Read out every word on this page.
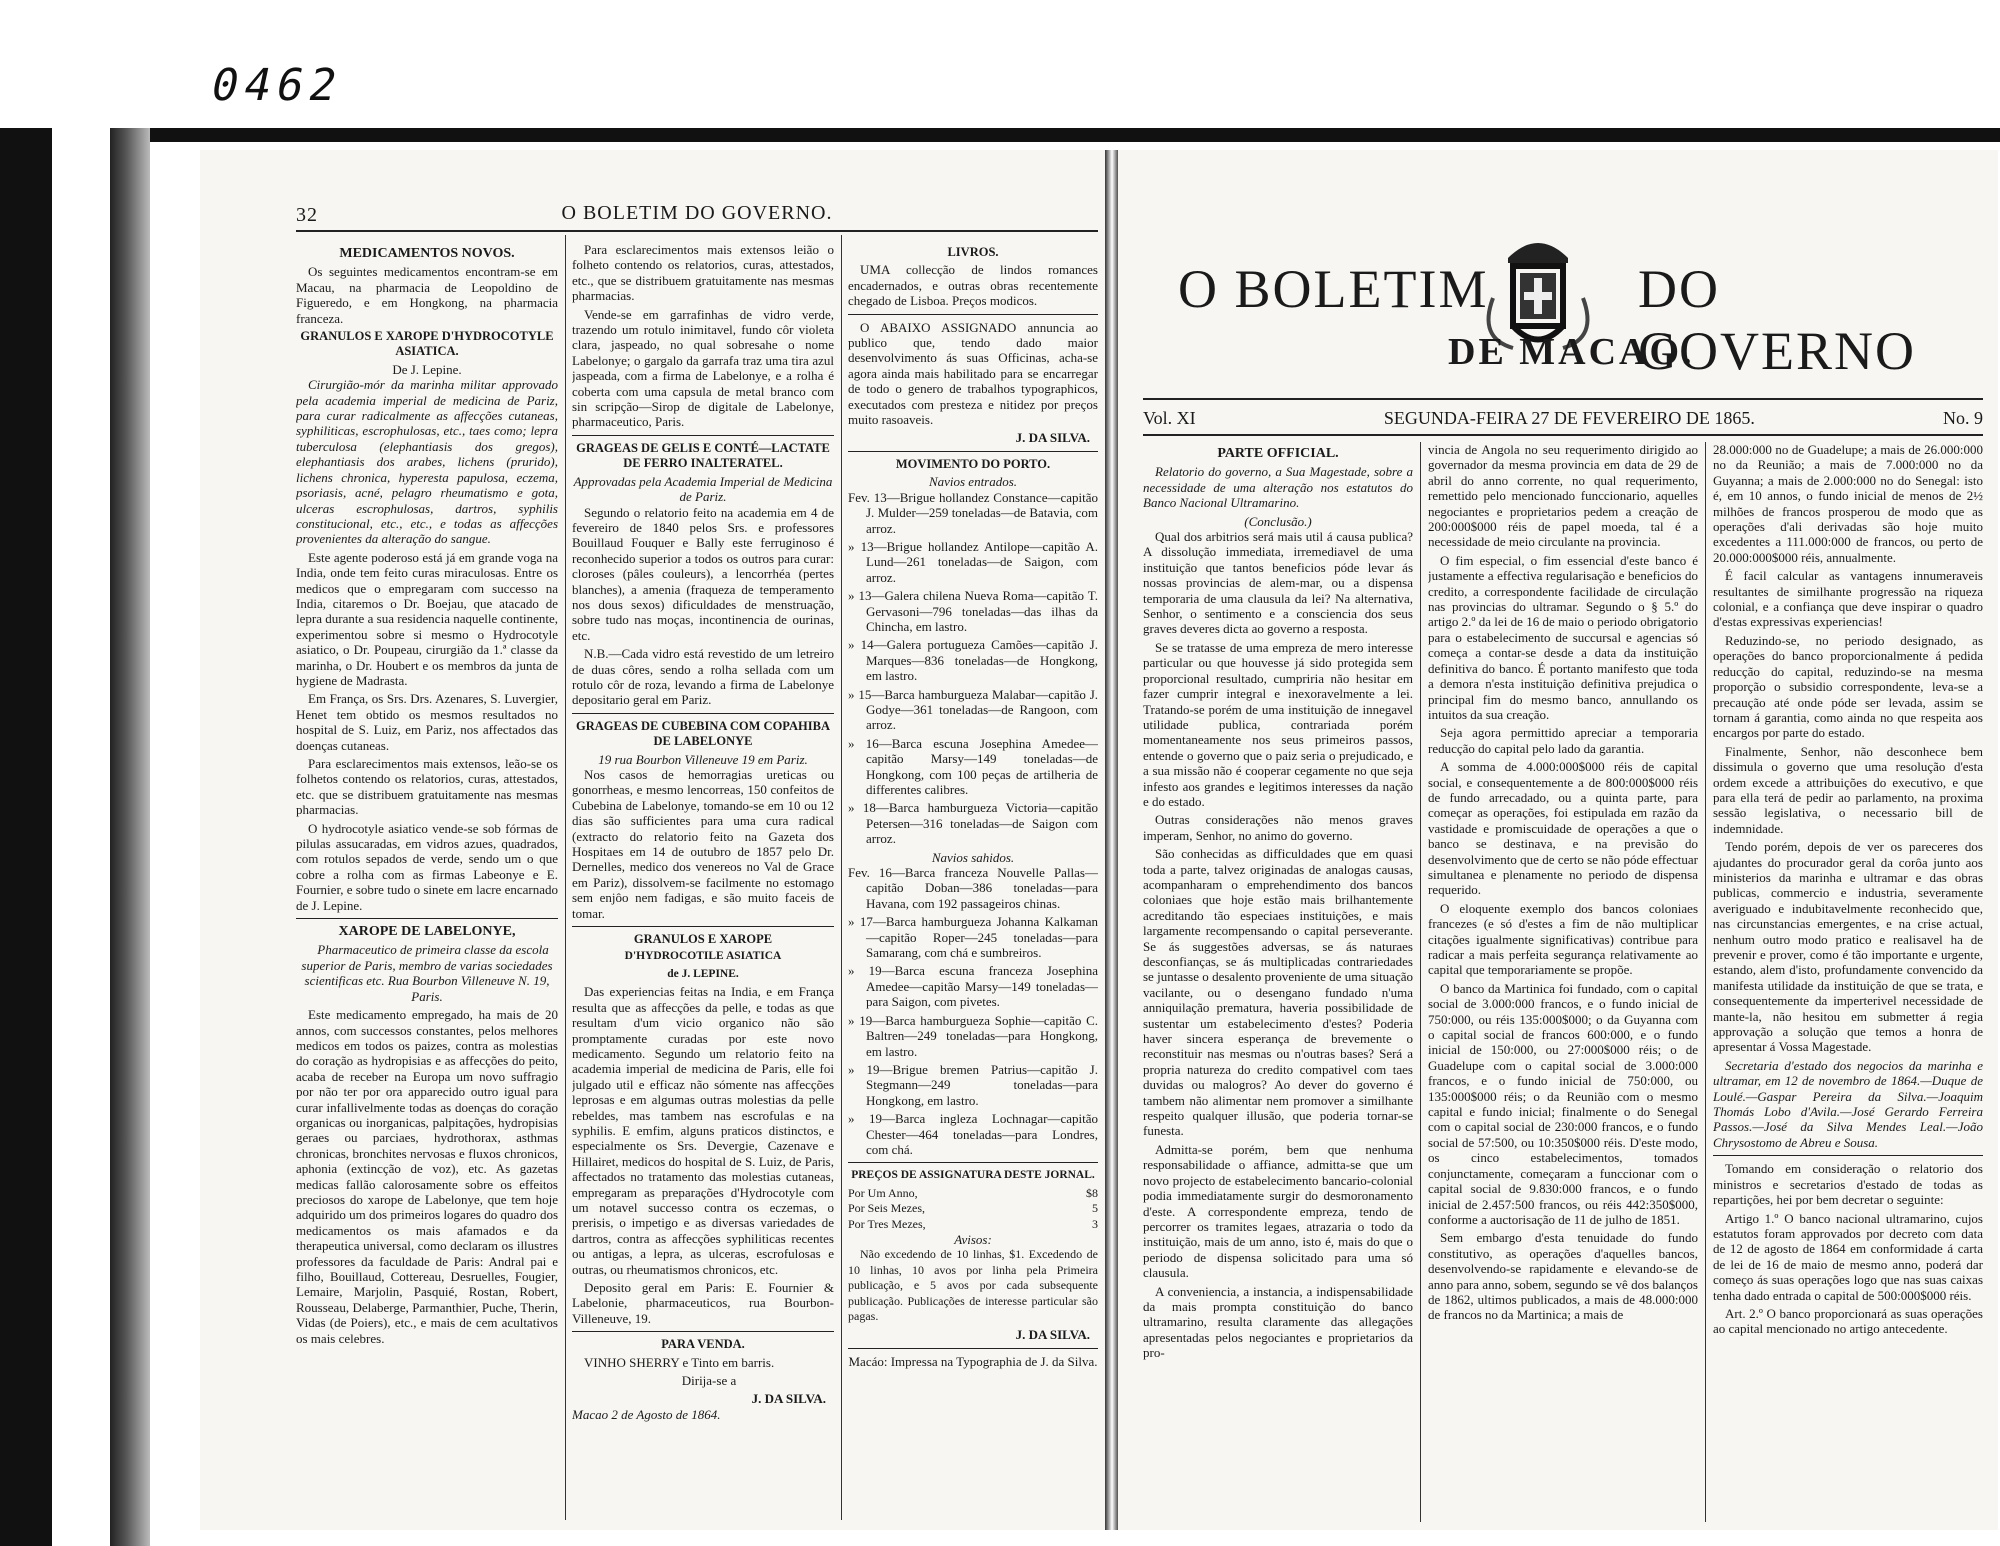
0462
32	O BOLETIM DO GOVERNO.
MEDICAMENTOS NOVOS.

Os seguintes medicamentos encontram-se em Macau, na pharmacia de Leopoldino de Figueredo, e em Hongkong, na pharmacia franceza.

GRANULOS E XAROPE D'HYDROCOTYLE ASIATICA.
De J. Lepine.

Cirurgião-mór da marinha militar approvado pela academia imperial de medicina de Pariz, para curar radicalmente as affecções cutaneas, syphiliticas, escrophulosas, etc., taes como; lepra tuberculosa (elephantiasis dos gregos), elephantiasis dos arabes, lichens (prurido), lichens chronica, hyperesta papulosa, eczema, psoriasis, acné, pelagro rheumatismo e gota, ulceras escrophulosas, dartros, syphilis constitucional, etc., etc., e todas as affecções provenientes da alteração do sangue.

Este agente poderoso está já em grande voga na India, onde tem feito curas miraculosas. Entre os medicos que o empregaram com successo na India, citaremos o Dr. Boejau, que atacado de lepra durante a sua residencia naquelle continente, experimentou sobre si mesmo o Hydrocotyle asiatico, o Dr. Poupeau, cirurgião da 1.ª classe da marinha, o Dr. Houbert e os membros da junta de hygiene de Madrasta.

Em França, os Srs. Drs. Azenares, S. Luvergier, Henet tem obtido os mesmos resultados no hospital de S. Luiz, em Pariz, nos affectados das doenças cutaneas.

Para esclarecimentos mais extensos, leão-se os folhetos contendo os relatorios, curas, attestados, etc. que se distribuem gratuitamente nas mesmas pharmacias.

O hydrocotyle asiatico vende-se sob fórmas de pilulas assucaradas, em vidros azues, quadrados, com rotulos sepados de verde, sendo um o que cobre a rolha com as firmas Labeonye e E. Fournier, e sobre tudo o sinete em lacre encarnado de J. Lepine.

XAROPE DE LABELONYE,

Pharmaceutico de primeira classe da escola superior de Paris, membro de varias sociedades scientificas etc. Rua Bourbon Villeneuve N. 19, Paris.

Este medicamento empregado, ha mais de 20 annos, com successos constantes, pelos melhores medicos em todos os paizes, contra as molestias do coração as hydropisias e as affecções do peito, acaba de receber na Europa um novo suffragio por não ter por ora apparecido outro igual para curar infallivelmente todas as doenças do coração organicas ou inorganicas, palpitações, hydropisias geraes ou parciaes, hydrothorax, asthmas chronicas, bronchites nervosas e fluxos chronicos, aphonia (extincção de voz), etc. As gazetas medicas fallão calorosamente sobre os effeitos preciosos do xarope de Labelonye, que tem hoje adquirido um dos primeiros logares do quadro dos medicamentos os mais afamados e da therapeutica universal, como declaram os illustres professores da faculdade de Paris: Andral pai e filho, Bouillaud, Cottereau, Desruelles, Fougier, Lemaire, Marjolin, Pasquié, Rostan, Robert, Rousseau, Delaberge, Parmanthier, Puche, Therin, Vidas (de Poiers), etc., e mais de cem acultativos os mais celebres.

Para esclarecimentos mais extensos leião o folheto contendo os relatorios, curas, attestados, etc., que se distribuem gratuitamente nas mesmas pharmacias.

Vende-se em garrafinhas de vidro verde, trazendo um rotulo inimitavel, fundo côr violeta clara, jaspeado, no qual sobresahe o nome Labelonye; o gargalo da garrafa traz uma tira azul jaspeada, com a firma de Labelonye, e a rolha é coberta com uma capsula de metal branco com sin scripção—Sirop de digitale de Labelonye, pharmaceutico, Paris.

GRAGEAS DE GELIS E CONTÉ—LACTATE DE FERRO INALTERATEL.
Approvadas pela Academia Imperial de Medicina de Pariz.

Segundo o relatorio feito na academia em 4 de fevereiro de 1840 pelos Srs. e professores Bouillaud Fouquer e Bally este ferruginoso é reconhecido superior a todos os outros para curar: cloroses (pâles couleurs), a lencorrhéa (pertes blanches), a amenia (fraqueza de temperamento nos dous sexos) dificuldades de menstruação, sobre tudo nas moças, incontinencia de ourinas, etc.

N.B.—Cada vidro está revestido de um letreiro de duas côres, sendo a rolha sellada com um rotulo côr de roza, levando a firma de Labelonye depositario geral em Pariz.

GRAGEAS DE CUBEBINA COM COPAHIBA DE LABELONYE
19 rua Bourbon Villeneuve 19 em Pariz.

Nos casos de hemorragias ureticas ou gonorrheas, e mesmo lencorreas, 150 confeitos de Cubebina de Labelonye, tomando-se em 10 ou 12 dias são sufficientes para uma cura radical (extracto do relatorio feito na Gazeta dos Hospitaes em 14 de outubro de 1857 pelo Dr. Dernelles, medico dos venereos no Val de Grace em Pariz), dissolvem-se facilmente no estomago sem enjôo nem fadigas, e são muito faceis de tomar.

GRANULOS E XAROPE
D'HYDROCOTILE ASIATICA
de J. LEPINE.

Das experiencias feitas na India, e em França resulta que as affecções da pelle, e todas as que resultam d'um vicio organico não são promptamente curadas por este novo medicamento. Segundo um relatorio feito na academia imperial de medicina de Paris, elle foi julgado util e efficaz não sómente nas affecções leprosas e em algumas outras molestias da pelle rebeldes, mas tambem nas escrofulas e na syphilis. E emfim, alguns praticos distinctos, e especialmente os Srs. Devergie, Cazenave e Hillairet, medicos do hospital de S. Luiz, de Paris, affectados no tratamento das molestias cutaneas, empregaram as preparações d'Hydrocotyle com um notavel successo contra os eczemas, o prerisis, o impetigo e as diversas variedades de dartros, contra as affecções syphiliticas recentes ou antigas, a lepra, as ulceras, escrofulosas e outras, ou rheumatismos chronicos, etc.

Deposito geral em Paris: E. Fournier & Labelonie, pharmaceuticos, rua Bourbon-Villeneuve, 19.

PARA VENDA.

VINHO SHERRY e Tinto em barris.

Dirija-se a

J. DA SILVA.
Macao 2 de Agosto de 1864.
LIVROS.

UMA collecção de lindos romances encadernados, e outras obras recentemente chegado de Lisboa. Preços modicos.

O ABAIXO ASSIGNADO annuncia ao publico que, tendo dado maior desenvolvimento ás suas Officinas, acha-se agora ainda mais habilitado para se encarregar de todo o genero de trabalhos typographicos, executados com presteza e nitidez por preços muito rasoaveis.

J. DA SILVA.
MOVIMENTO DO PORTO.
Navios entrados.
Fev. 13—Brigue hollandez Constance—capitão J. Mulder—259 toneladas—de Batavia, com arroz.
» 13—Brigue hollandez Antilope—capitão A. Lund—261 toneladas—de Saigon, com arroz.
» 13—Galera chilena Nueva Roma—capitão T. Gervasoni—796 toneladas—das ilhas da Chincha, em lastro.
» 14—Galera portugueza Camões—capitão J. Marques—836 toneladas—de Hongkong, em lastro.
» 15—Barca hamburgueza Malabar—capitão J. Godye—361 toneladas—de Rangoon, com arroz.
» 16—Barca escuna Josephina Amedee—capitão Marsy—149 toneladas—de Hongkong, com 100 peças de artilheria de differentes calibres.
» 18—Barca hamburgueza Victoria—capitão Petersen—316 toneladas—de Saigon com arroz.
Navios sahidos.
Fev. 16—Barca franceza Nouvelle Pallas—capitão Doban—386 toneladas—para Havana, com 192 passageiros chinas.
» 17—Barca hamburgueza Johanna Kalkaman—capitão Roper—245 toneladas—para Samarang, com chá e sumbreiros.
» 19—Barca escuna franceza Josephina Amedee—capitão Marsy—149 toneladas—para Saigon, com pivetes.
» 19—Barca hamburgueza Sophie—capitão C. Baltren—249 toneladas—para Hongkong, em lastro.
» 19—Brigue bremen Patrius—capitão J. Stegmann—249 toneladas—para Hongkong, em lastro.
» 19—Barca ingleza Lochnagar—capitão Chester—464 toneladas—para Londres, com chá.
PREÇOS DE ASSIGNATURA DESTE JORNAL.
Por Um Anno,	$8
Por Seis Mezes,	5
Por Tres Mezes,	3
Avisos:

Não excedendo de 10 linhas, $1. Excedendo de 10 linhas, 10 avos por linha pela Primeira publicação, e 5 avos por cada subsequente publicação. Publicações de interesse particular são pagas.

J. DA SILVA.
Macáo: Impressa na Typographia de J. da Silva.
O BOLETIM	DO GOVERNO
DE MACAO.
Vol. XI	SEGUNDA-FEIRA 27 DE FEVEREIRO DE 1865.	No. 9
PARTE OFFICIAL.

Relatorio do governo, a Sua Magestade, sobre a necessidade de uma alteração nos estatutos do Banco Nacional Ultramarino.

(Conclusão.)

Qual dos arbitrios será mais util á causa publica? A dissolução immediata, irremediavel de uma instituição que tantos beneficios póde levar ás nossas provincias de alem-mar, ou a dispensa temporaria de uma clausula da lei? Na alternativa, Senhor, o sentimento e a consciencia dos seus graves deveres dicta ao governo a resposta.

Se se tratasse de uma empreza de mero interesse particular ou que houvesse já sido protegida sem proporcional resultado, cumpriria não hesitar em fazer cumprir integral e inexoravelmente a lei. Tratando-se porém de uma instituição de innegavel utilidade publica, contrariada porém momentaneamente nos seus primeiros passos, entende o governo que o paiz seria o prejudicado, e a sua missão não é cooperar cegamente no que seja infesto aos grandes e legitimos interesses da nação e do estado.

Outras considerações não menos graves imperam, Senhor, no animo do governo.

São conhecidas as difficuldades que em quasi toda a parte, talvez originadas de analogas causas, acompanharam o emprehendimento dos bancos coloniaes que hoje estão mais brilhantemente acreditando tão especiaes instituições, e mais largamente recompensando o capital perseverante. Se ás suggestões adversas, se ás naturaes desconfianças, se ás multiplicadas contrariedades se juntasse o desalento proveniente de uma situação vacilante, ou o desengano fundado n'uma anniquilação prematura, haveria possibilidade de sustentar um estabelecimento d'estes? Poderia haver sincera esperança de brevemente o reconstituir nas mesmas ou n'outras bases? Será a propria natureza do credito compativel com taes duvidas ou malogros? Ao dever do governo é tambem não alimentar nem promover a similhante respeito qualquer illusão, que poderia tornar-se funesta.

Admitta-se porém, bem que nenhuma responsabilidade o affiance, admitta-se que um novo projecto de estabelecimento bancario-colonial podia immediatamente surgir do desmoronamento d'este. A correspondente empreza, tendo de percorrer os tramites legaes, atrazaria o todo da instituição, mais de um anno, isto é, mais do que o periodo de dispensa solicitado para uma só clausula.

A conveniencia, a instancia, a indispensabilidade da mais prompta constituição do banco ultramarino, resulta claramente das allegações apresentadas pelos negociantes e proprietarios da pro-

vincia de Angola no seu requerimento dirigido ao governador da mesma provincia em data de 29 de abril do anno corrente, no qual requerimento, remettido pelo mencionado funccionario, aquelles negociantes e proprietarios pedem a creação de 200:000$000 réis de papel moeda, tal é a necessidade de meio circulante na provincia.

O fim especial, o fim essencial d'este banco é justamente a effectiva regularisação e beneficios do credito, a correspondente facilidade de circulação nas provincias do ultramar. Segundo o § 5.º do artigo 2.º da lei de 16 de maio o periodo obrigatorio para o estabelecimento de succursal e agencias só começa a contar-se desde a data da instituição definitiva do banco. É portanto manifesto que toda a demora n'esta instituição definitiva prejudica o principal fim do mesmo banco, annullando os intuitos da sua creação.

Seja agora permittido apreciar a temporaria reducção do capital pelo lado da garantia.

A somma de 4.000:000$000 réis de capital social, e consequentemente a de 800:000$000 réis de fundo arrecadado, ou a quinta parte, para começar as operações, foi estipulada em razão da vastidade e promiscuidade de operações a que o banco se destinava, e na previsão do desenvolvimento que de certo se não póde effectuar simultanea e plenamente no periodo de dispensa requerido.

O eloquente exemplo dos bancos coloniaes francezes (e só d'estes a fim de não multiplicar citações igualmente significativas) contribue para radicar a mais perfeita segurança relativamente ao capital que temporariamente se propõe.

O banco da Martinica foi fundado, com o capital social de 3.000:000 francos, e o fundo inicial de 750:000, ou réis 135:000$000; o da Guyanna com o capital social de francos 600:000, e o fundo inicial de 150:000, ou 27:000$000 réis; o de Guadelupe com o capital social de 3.000:000 francos, e o fundo inicial de 750:000, ou 135:000$000 réis; o da Reunião com o mesmo capital e fundo inicial; finalmente o do Senegal com o capital social de 230:000 francos, e o fundo social de 57:500, ou 10:350$000 réis. D'este modo, os cinco estabelecimentos, tomados conjunctamente, começaram a funccionar com o capital social de 9.830:000 francos, e o fundo inicial de 2.457:500 francos, ou réis 442:350$000, conforme a auctorisação de 11 de julho de 1851.

Sem embargo d'esta tenuidade do fundo constitutivo, as operações d'aquelles bancos, desenvolvendo-se rapidamente e elevando-se de anno para anno, sobem, segundo se vê dos balanços de 1862, ultimos publicados, a mais de 48.000:000 de francos no da Martinica; a mais de

28.000:000 no de Guadelupe; a mais de 26.000:000 no da Reunião; a mais de 7.000:000 no da Guyanna; a mais de 2.000:000 no do Senegal: isto é, em 10 annos, o fundo inicial de menos de 2½ milhões de francos prosperou de modo que as operações d'ali derivadas são hoje muito excedentes a 111.000:000 de francos, ou perto de 20.000:000$000 réis, annualmente.

É facil calcular as vantagens innumeraveis resultantes de similhante progressão na riqueza colonial, e a confiança que deve inspirar o quadro d'estas expressivas experiencias!

Reduzindo-se, no periodo designado, as operações do banco proporcionalmente á pedida reducção do capital, reduzindo-se na mesma proporção o subsidio correspondente, leva-se a precaução até onde póde ser levada, assim se tornam á garantia, como ainda no que respeita aos encargos por parte do estado.

Finalmente, Senhor, não desconhece bem dissimula o governo que uma resolução d'esta ordem excede a attribuições do executivo, e que para ella terá de pedir ao parlamento, na proxima sessão legislativa, o necessario bill de indemnidade.

Tendo porém, depois de ver os pareceres dos ajudantes do procurador geral da corôa junto aos ministerios da marinha e ultramar e das obras publicas, commercio e industria, severamente averiguado e indubitavelmente reconhecido que, nas circunstancias emergentes, e na crise actual, nenhum outro modo pratico e realisavel ha de prevenir e prover, como é tão importante e urgente, estando, alem d'isto, profundamente convencido da manifesta utilidade da instituição de que se trata, e consequentemente da imperterivel necessidade de mante-la, não hesitou em submetter á regia approvação a solução que temos a honra de apresentar á Vossa Magestade.

Secretaria d'estado dos negocios da marinha e ultramar, em 12 de novembro de 1864.—Duque de Loulé.—Gaspar Pereira da Silva.—Joaquim Thomás Lobo d'Avila.—José Gerardo Ferreira Passos.—José da Silva Mendes Leal.—João Chrysostomo de Abreu e Sousa.

Tomando em consideração o relatorio dos ministros e secretarios d'estado de todas as repartições, hei por bem decretar o seguinte:

Artigo 1.º O banco nacional ultramarino, cujos estatutos foram approvados por decreto com data de 12 de agosto de 1864 em conformidade á carta de lei de 16 de maio de mesmo anno, poderá dar começo ás suas operações logo que nas suas caixas tenha dado entrada o capital de 500:000$000 réis.

Art. 2.º O banco proporcionará as suas operações ao capital mencionado no artigo antecedente.
